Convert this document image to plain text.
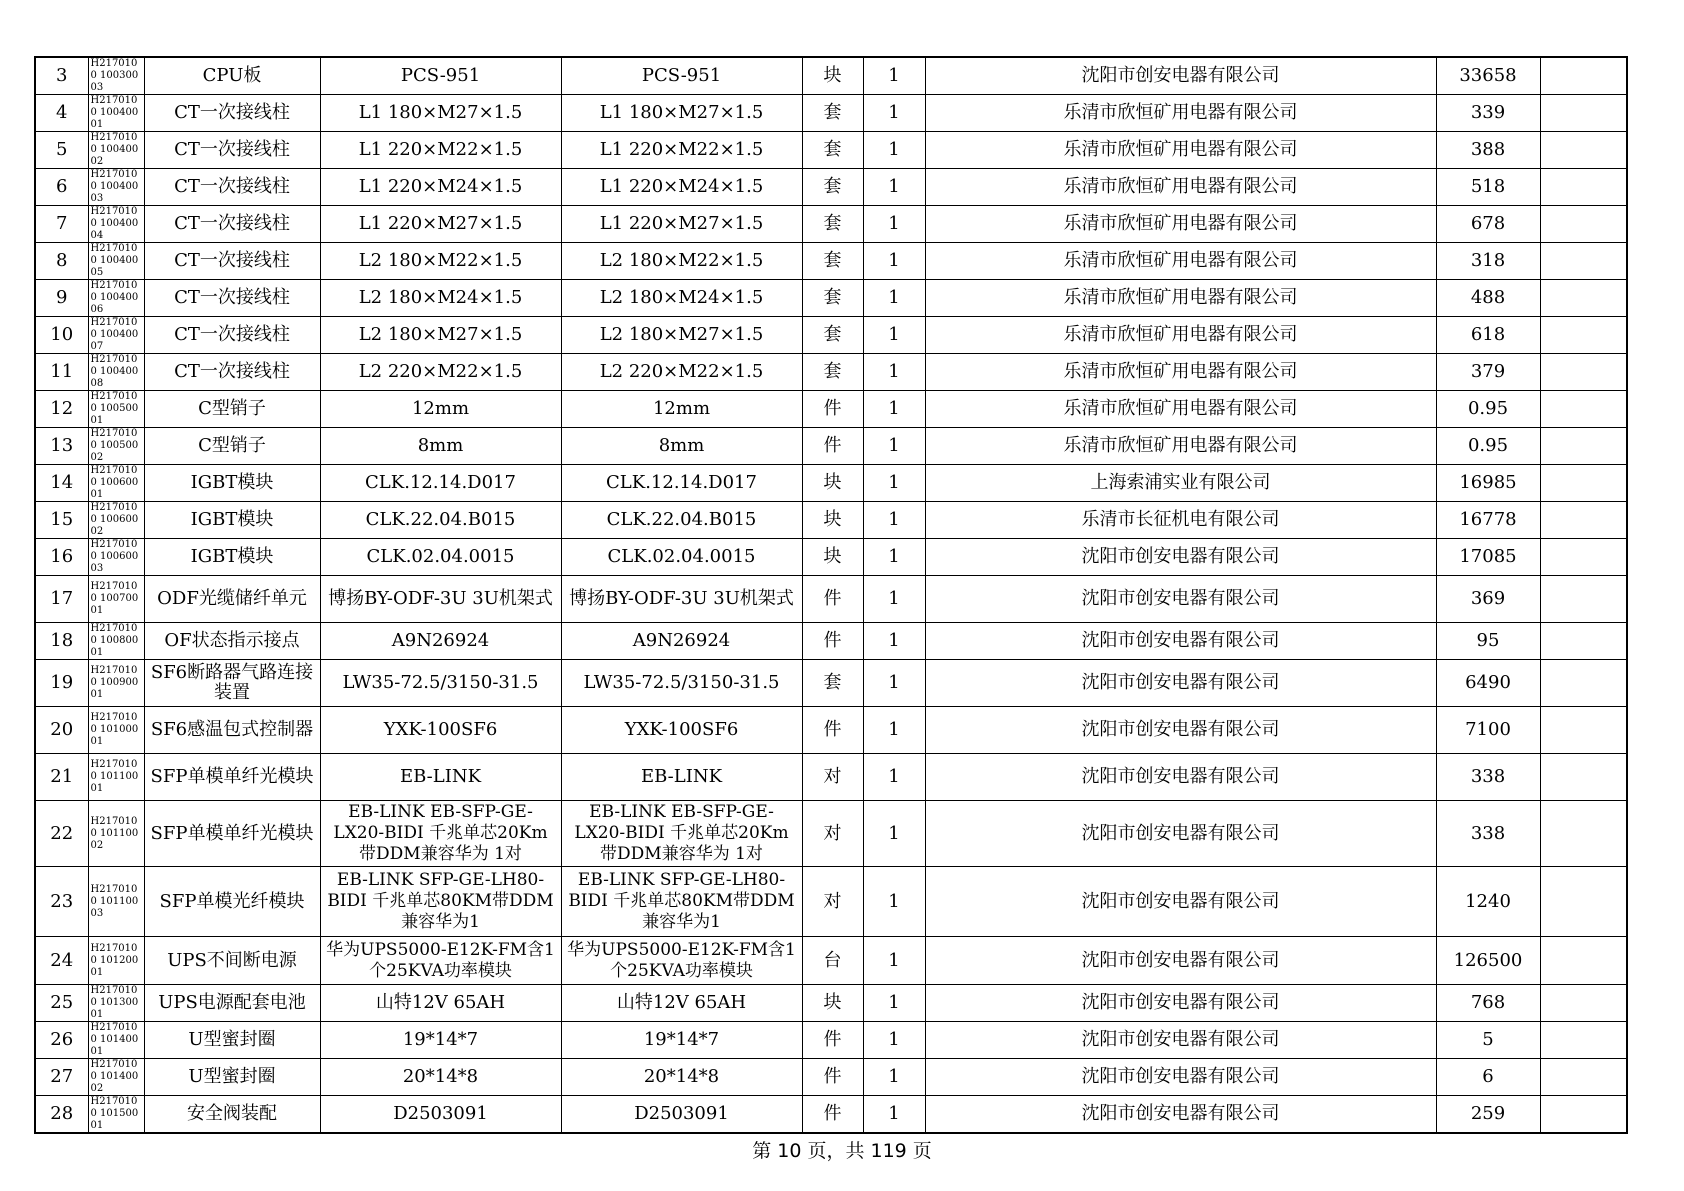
3	H2170100 10030003	CPU板	PCS-951	PCS-951	块	1	沈阳市创安电器有限公司	33658	
4	H2170100 10040001	CT一次接线柱	L1 180×M27×1.5	L1 180×M27×1.5	套	1	乐清市欣恒矿用电器有限公司	339	
5	H2170100 10040002	CT一次接线柱	L1 220×M22×1.5	L1 220×M22×1.5	套	1	乐清市欣恒矿用电器有限公司	388	
6	H2170100 10040003	CT一次接线柱	L1 220×M24×1.5	L1 220×M24×1.5	套	1	乐清市欣恒矿用电器有限公司	518	
7	H2170100 10040004	CT一次接线柱	L1 220×M27×1.5	L1 220×M27×1.5	套	1	乐清市欣恒矿用电器有限公司	678	
8	H2170100 10040005	CT一次接线柱	L2 180×M22×1.5	L2 180×M22×1.5	套	1	乐清市欣恒矿用电器有限公司	318	
9	H2170100 10040006	CT一次接线柱	L2 180×M24×1.5	L2 180×M24×1.5	套	1	乐清市欣恒矿用电器有限公司	488	
10	H2170100 10040007	CT一次接线柱	L2 180×M27×1.5	L2 180×M27×1.5	套	1	乐清市欣恒矿用电器有限公司	618	
11	H2170100 10040008	CT一次接线柱	L2 220×M22×1.5	L2 220×M22×1.5	套	1	乐清市欣恒矿用电器有限公司	379	
12	H2170100 10050001	C型销子	12mm	12mm	件	1	乐清市欣恒矿用电器有限公司	0.95	
13	H2170100 10050002	C型销子	8mm	8mm	件	1	乐清市欣恒矿用电器有限公司	0.95	
14	H2170100 10060001	IGBT模块	CLK.12.14.D017	CLK.12.14.D017	块	1	上海索浦实业有限公司	16985	
15	H2170100 10060002	IGBT模块	CLK.22.04.B015	CLK.22.04.B015	块	1	乐清市长征机电有限公司	16778	
16	H2170100 10060003	IGBT模块	CLK.02.04.0015	CLK.02.04.0015	块	1	沈阳市创安电器有限公司	17085	
17	H2170100 10070001	ODF光缆储纤单元	博扬BY-ODF-3U 3U机架式	博扬BY-ODF-3U 3U机架式	件	1	沈阳市创安电器有限公司	369	
18	H2170100 10080001	OF状态指示接点	A9N26924	A9N26924	件	1	沈阳市创安电器有限公司	95	
19	H2170100 10090001	SF6断路器气路连接装置	LW35-72.5/3150-31.5	LW35-72.5/3150-31.5	套	1	沈阳市创安电器有限公司	6490	
20	H2170100 10100001	SF6感温包式控制器	YXK-100SF6	YXK-100SF6	件	1	沈阳市创安电器有限公司	7100	
21	H2170100 10110001	SFP单模单纤光模块	EB-LINK	EB-LINK	对	1	沈阳市创安电器有限公司	338	
22	H2170100 10110002	SFP单模单纤光模块	EB-LINK EB-SFP-GE-LX20-BIDI 千兆单芯20Km 带DDM兼容华为 1对	EB-LINK EB-SFP-GE-LX20-BIDI 千兆单芯20Km 带DDM兼容华为 1对	对	1	沈阳市创安电器有限公司	338	
23	H2170100 10110003	SFP单模光纤模块	EB-LINK SFP-GE-LH80-BIDI 千兆单芯80KM带DDM兼容华为1	EB-LINK SFP-GE-LH80-BIDI 千兆单芯80KM带DDM兼容华为1	对	1	沈阳市创安电器有限公司	1240	
24	H2170100 10120001	UPS不间断电源	华为UPS5000-E12K-FM含1个25KVA功率模块	华为UPS5000-E12K-FM含1个25KVA功率模块	台	1	沈阳市创安电器有限公司	126500	
25	H2170100 10130001	UPS电源配套电池	山特12V 65AH	山特12V 65AH	块	1	沈阳市创安电器有限公司	768	
26	H2170100 10140001	U型蜜封圈	19*14*7	19*14*7	件	1	沈阳市创安电器有限公司	5	
27	H2170100 10140002	U型蜜封圈	20*14*8	20*14*8	件	1	沈阳市创安电器有限公司	6	
28	H2170100 10150001	安全阀装配	D2503091	D2503091	件	1	沈阳市创安电器有限公司	259	
第 10 页，共 119 页
